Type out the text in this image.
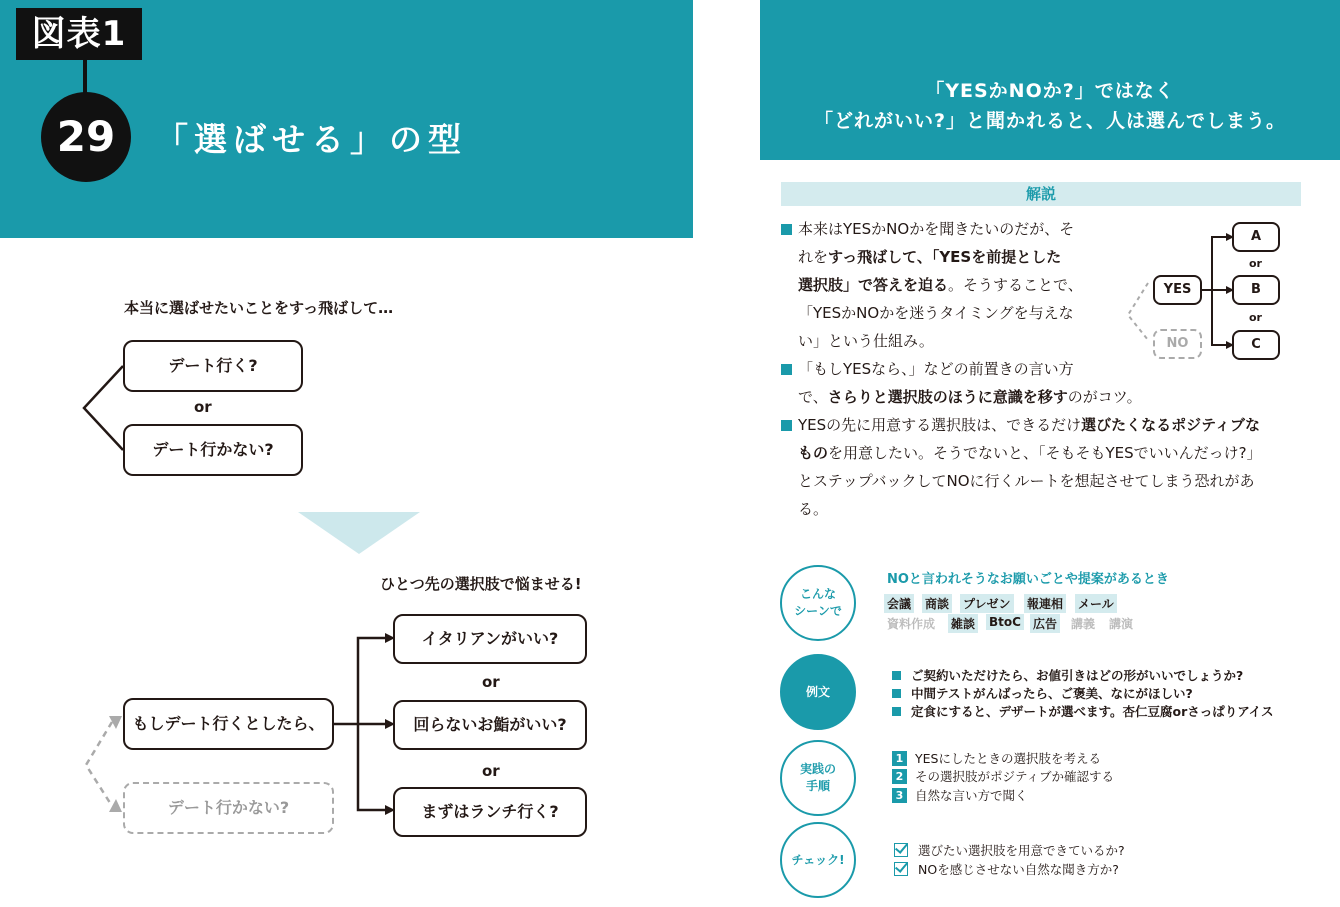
図表1
29	「選ばせる」の型
本当に選ばせたいことをすっ飛ばして…
デート行く?
or
デート行かない?
ひとつ先の選択肢で悩ませる!
もしデート行くとしたら、
デート行かない?
イタリアンがいい?
or
回らないお鮨がいい?
or
まずはランチ行く?
「YESかNOか?」ではなく
「どれがいい?」と聞かれると、人は選んでしまう。
解説
本来はYESかNOかを聞きたいのだが、そ
れをすっ飛ばして、「YESを前提とした
選択肢」で答えを迫る。そうすることで、
「YESかNOかを迷うタイミングを与えな
い」という仕組み。
「もしYESなら、」などの前置きの言い方
で、さらりと選択肢のほうに意識を移すのがコツ。
YESの先に用意する選択肢は、できるだけ選びたくなるポジティブな
ものを用意したい。そうでないと、「そもそもYESでいいんだっけ?」
とステップバックしてNOに行くルートを想起させてしまう恐れがあ
る。
YES
NO
A
or
B
or
C
こんな
シーンで
NOと言われそうなお願いごとや提案があるとき
会議 商談 プレゼン 報連相 メール
資料作成 雑談 BtoC 広告 講義 講演
例文
ご契約いただけたら、お値引きはどの形がいいでしょうか?
中間テストがんばったら、ご褒美、なにがほしい?
定食にすると、デザートが選べます。杏仁豆腐orさっぱりアイス
実践の
手順
1 YESにしたときの選択肢を考える
2 その選択肢がポジティブか確認する
3 自然な言い方で聞く
チェック!
選びたい選択肢を用意できているか?
NOを感じさせない自然な聞き方か?
